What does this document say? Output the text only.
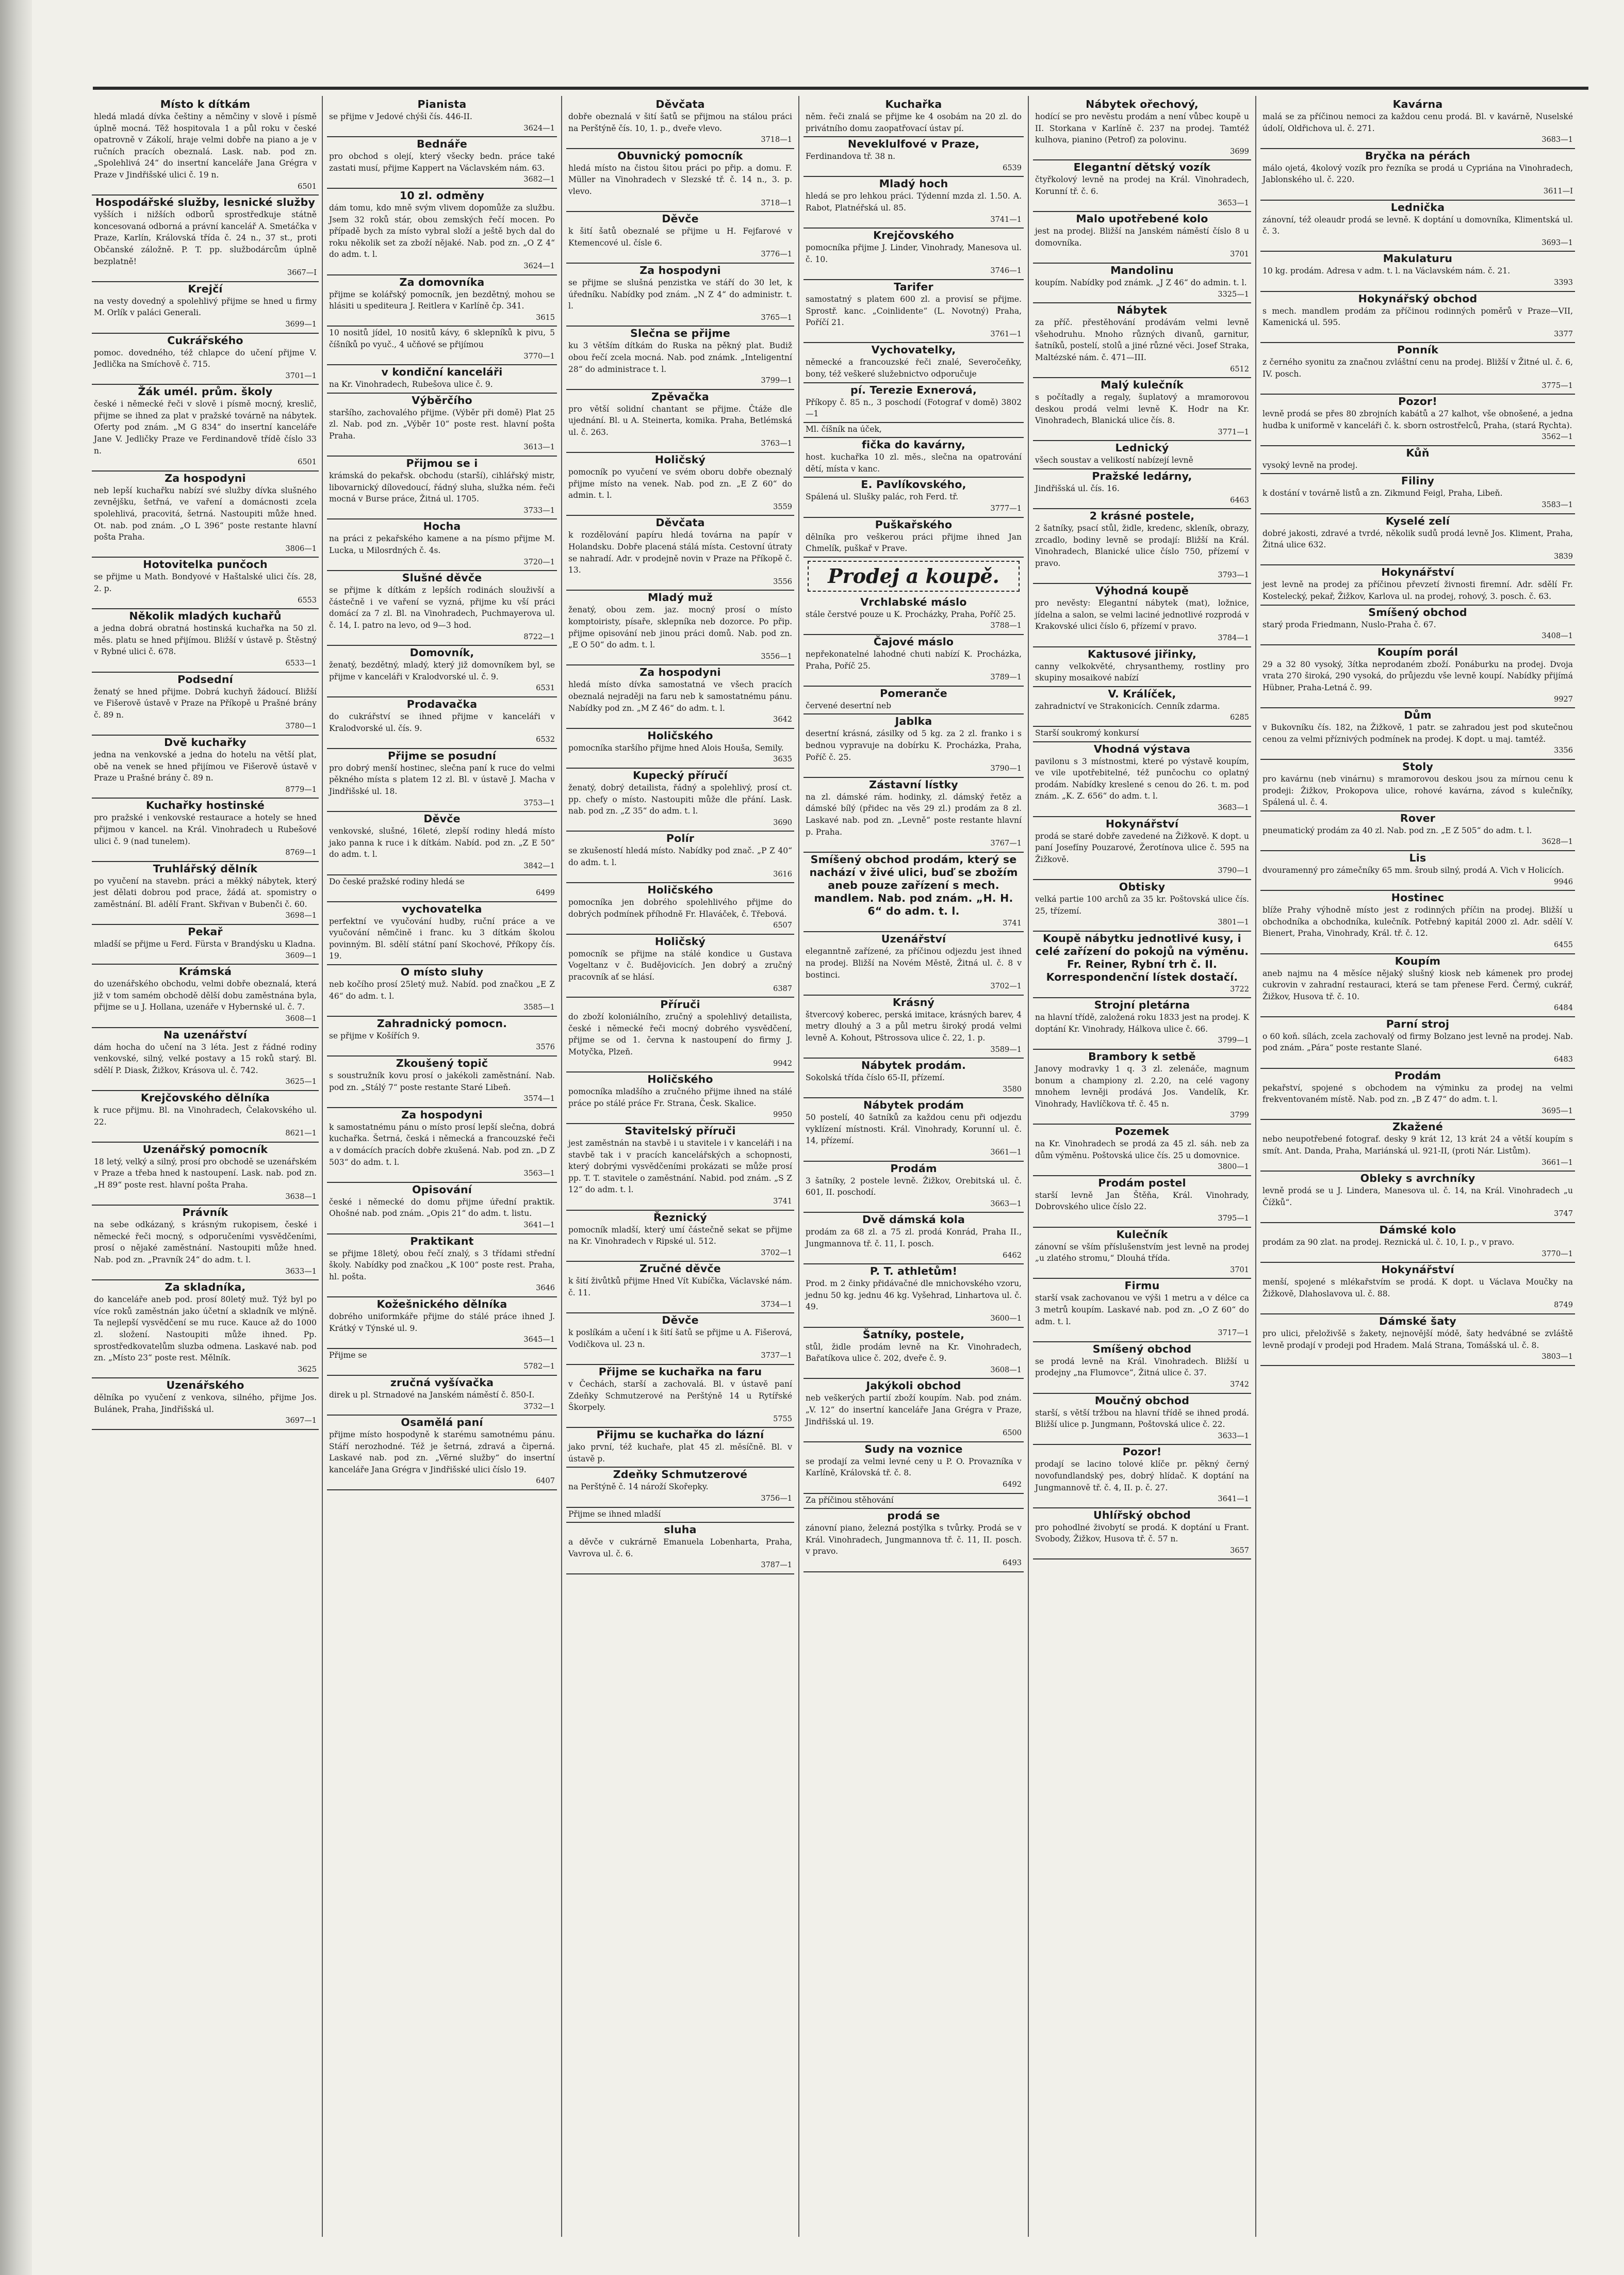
Místo k dítkám
hledá mladá dívka češtiny a němčiny v slově i písmě úplně mocná. Těž hospitovala 1 a půl roku v české opatrovně v Zákolí, hraje velmi dobře na piano a je v ručních pracích obeznalá. Lask. nab. pod zn. „Spolehlivá 24“ do insertní kanceláře Jana Grégra v Praze v Jindřišské ulici č. 19 n.
6501
Hospodářské služby, lesnické služby
vyšších i nižších odborů sprostředkuje státně koncesovaná odborná a právní kancelář A. Smetáčka v Praze, Karlín, Královská třída č. 24 n., 37 st., proti Občanské záložně. P. T. pp. službodárcům úplně bezplatně!
3667—I
Krejčí
na vesty dovedný a spolehlivý přijme se hned u firmy M. Orlík v paláci Generali.
3699—1
Cukrářského
pomoc. dovedného, též chlapce do učení přijme V. Jedlička na Smíchově č. 715.
3701—1
Žák umél. prům. školy
české i německé řeči v slově i písmě mocný, kreslič, přijme se ihned za plat v pražské továrně na nábytek. Oferty pod znám. „M G 834“ do insertní kanceláře Jane V. Jedličky Praze ve Ferdinandově třídě číslo 33 n.
6501
Za hospodyni
neb lepší kuchařku nabízí své služby dívka slušného zevnějšku, šetřná, ve vaření a domácnosti zcela spolehlivá, pracovitá, šetrná. Nastoupiti může hned. Ot. nab. pod znám. „O L 396“ poste restante hlavní pošta Praha.
3806—1
Hotovitelka punčoch
se přijme u Math. Bondyové v Haštalské ulici čís. 28, 2. p.
6553
Několik mladých kuchařů
a jedna dobrá obratná hostinská kuchařka na 50 zl. měs. platu se hned přijímou. Bližší v ústavě p. Štěstný v Rybné ulici č. 678.
6533—1
Podsední
ženatý se hned přijme. Dobrá kuchyň žádoucí. Bližší ve Fišerově ústavě v Praze na Příkopě u Prašné brány č. 89 n.
3780—1
Dvě kuchařky
jedna na venkovské a jedna do hotelu na větší plat, obě na venek se hned přijímou ve Fišerově ústavě v Praze u Prašné brány č. 89 n.
8779—1
Kuchařky hostinské
pro pražské i venkovské restaurace a hotely se hned přijmou v kancel. na Král. Vinohradech u Rubešové ulici č. 9 (nad tunelem).
8769—1
Truhlářský dělník
po vyučení na stavebn. práci a měkký nábytek, který jest dělati dobrou pod prace, žádá at. spomistry o zaměstnání. Bl. adělí Frant. Skřivan v Bubenči č. 60.
3698—1
Pekař
mladší se přijme u Ferd. Fürsta v Brandýsku u Kladna.
3609—1
Krámská
do uzenářského obchodu, velmi dobře obeznalá, která již v tom samém obchodě dělší dobu zaměstnána byla, přijme se u J. Hollana, uzenáře v Hybernské ul. č. 7.
3608—1
Na uzenářství
dám hocha do učení na 3 léta. Jest z řádné rodiny venkovské, silný, velké postavy a 15 roků starý. Bl. sdělí P. Diask, Žižkov, Krásova ul. č. 742.
3625—1
Krejčovského dělníka
k ruce přijmu. Bl. na Vinohradech, Čelakovského ul. 22.
8621—1
Uzenářský pomocník
18 letý, velký a silný, prosí pro obchodě se uzenářském v Praze a třeba hned k nastoupení. Lask. nab. pod zn. „H 89“ poste rest. hlavní pošta Praha.
3638—1
Právník
na sebe odkázaný, s krásným rukopisem, české i německé řeči mocný, s odporučeními vysvědčeními, prosí o nějaké zaměstnání. Nastoupiti může hned. Nab. pod zn. „Pravník 24“ do adm. t. l.
3633—1
Za skladníka,
do kanceláře aneb pod. prosí 80letý muž. Týž byl po více roků zaměstnán jako účetní a skladník ve mlýně. Ta nejlepší vysvědčení se mu ruce. Kauce až do 1000 zl. složení. Nastoupiti může ihned. Pp. sprostředkovatelům sluzba odmena. Laskavé nab. pod zn. „Místo 23“ poste rest. Mělník.
3625
Uzenářského
dělníka po vyučení z venkova, silného, přijme Jos. Bulánek, Praha, Jindřišská ul.
3697—1
Pianista
se přijme v Jedové chýši čís. 446-II.
3624—1
Bednáře
pro obchod s olejí, který všecky bedn. práce také zastati musí, přijme Kappert na Václavském nám. 63.
3682—1
10 zl. odměny
dám tomu, kdo mně svým vlivem dopomůže za službu. Jsem 32 roků stár, obou zemských řečí mocen. Po případě bych za místo vybral složí a ještě bych dal do roku několik set za zboží nějaké. Nab. pod zn. „O Z 4“ do adm. t. l.
3624—1
Za domovníka
přijme se kolářský pomocník, jen bezdětný, mohou se hlásiti u spediteura J. Reitlera v Karlíně čp. 341.
3615
10 nositů jídel, 10 nositů kávy, 6 sklepníků k pivu, 5 číšníků po vyuč., 4 učňové se přijímou
3770—1
v kondiční kanceláři
na Kr. Vinohradech, Rubešova ulice č. 9.
Výběrčího
staršího, zachovalého přijme. (Výběr při domě) Plat 25 zl. Nab. pod zn. „Výběr 10“ poste rest. hlavní pošta Praha.
3613—1
Přijmou se i
krámská do pekařsk. obchodu (starší), cihlářský mistr, libovarnický dílovedoucí, řádný sluha, služka ném. řeči mocná v Burse práce, Žitná ul. 1705.
3733—1
Hocha
na práci z pekařského kamene a na písmo přijme M. Lucka, u Milosrdných č. 4s.
3720—1
Slušné děvče
se přijme k dítkám z lepších rodinách slouživší a částečně i ve vaření se vyzná, přijme ku vší práci domácí za 7 zl. Bl. na Vinohradech, Puchmayerova ul. č. 14, I. patro na levo, od 9—3 hod.
8722—1
Domovník,
ženatý, bezdětný, mladý, který již domovníkem byl, se přijme v kanceláři v Kralodvorské ul. č. 9.
6531
Prodavačka
do cukrářství se ihned přijme v kanceláři v Kralodvorské ul. čís. 9.
6532
Přijme se posudní
pro dobrý menší hostinec, slečna paní k ruce do velmi pěkného místa s platem 12 zl. Bl. v ústavě J. Macha v Jindřišské ul. 18.
3753—1
Děvče
venkovské, slušné, 16leté, zlepší rodiny hledá místo jako panna k ruce i k dítkám. Nabíd. pod zn. „Z E 50“ do adm. t. l.
3842—1
Do české pražské rodiny hledá se
6499
vychovatelka
perfektní ve vyučování hudby, ruční práce a ve vyučování němčině i franc. ku 3 dítkám školou povinným. Bl. sdělí státní paní Skochové, Příkopy čís. 19.
O místo sluhy
neb kočího prosí 25letý muž. Nabíd. pod značkou „E Z 46“ do adm. t. l.
3585—1
Zahradnický pomocn.
se přijme v Košířích 9.
3576
Zkoušený topič
s soustružník kovu prosí o jakékoli zaměstnání. Nab. pod zn. „Stálý 7“ poste restante Staré Libeň.
3574—1
Za hospodyni
k samostatnému pánu o místo prosí lepší slečna, dobrá kuchařka. Šetrná, česká i německá a francouzské řeči a v domácích pracích dobře zkušená. Nab. pod zn. „D Z 503“ do adm. t. l.
3563—1
Opisování
české i německé do domu přijme úřední praktik. Ohošné nab. pod znám. „Opis 21“ do adm. t. listu.
3641—1
Praktikant
se přijme 18letý, obou řečí znalý, s 3 třídami střední školy. Nabídky pod značkou „K 100“ poste rest. Praha, hl. pošta.
3646
Kožešnického dělníka
dobrého uniformkáře přijme do stálé práce ihned J. Krátký v Týnské ul. 9.
3645—1
Přijme se
5782—1
zručná vyšívačka
direk u pl. Strnadové na Janském náměstí č. 850-I.
3732—1
Osamělá paní
přijme místo hospodyně k starému samotnému pánu. Stáří nerozhodné. Též je šetrná, zdravá a čiperná. Laskavé nab. pod zn. „Věrné služby“ do insertní kanceláře Jana Grégra v Jindřišské ulici číslo 19.
6407
Děvčata
dobře obeznalá v šití šatů se přijmou na stálou práci na Perštýně čís. 10, 1. p., dveře vlevo.
3718—1
Obuvnický pomocník
hledá místo na čistou šitou práci po přip. a domu. F. Müller na Vinohradech v Slezské tř. č. 14 n., 3. p. vlevo.
3718—1
Děvče
k šití šatů obeznalé se přijme u H. Fejfarové v Ktemencové ul. čísle 6.
3776—1
Za hospodyni
se přijme se slušná penzistka ve stáří do 30 let, k úředníku. Nabídky pod znám. „N Z 4“ do administr. t. l.
3765—1
Slečna se přijme
ku 3 větším dítkám do Ruska na pěkný plat. Budiž obou řečí zcela mocná. Nab. pod známk. „Inteligentní 28“ do administrace t. l.
3799—1
Zpěvačka
pro větší solidní chantant se přijme. Čtáže dle ujednání. Bl. u A. Steinerta, komika. Praha, Betlémská ul. č. 263.
3763—1
Holičský
pomocník po vyučení ve svém oboru dobře obeznalý přijme místo na venek. Nab. pod zn. „E Z 60“ do admin. t. l.
3559
Děvčata
k rozdělování papíru hledá továrna na papír v Holandsku. Dobře placená stálá místa. Cestovní útraty se nahradí. Adr. v prodejně novin v Praze na Příkopě č. 13.
3556
Mladý muž
ženatý, obou zem. jaz. mocný prosí o místo komptoiristy, písaře, sklepníka neb dozorce. Po přip. přijme opisování neb jinou práci domů. Nab. pod zn. „E O 50“ do adm. t. l.
3556—1
Za hospodyni
hledá místo dívka samostatná ve všech pracích obeznalá nejraději na faru neb k samostatnému pánu. Nabídky pod zn. „M Z 46“ do adm. t. l.
3642
Holičského
pomocníka staršího přijme hned Alois Houša, Semily.
3635
Kupecký příručí
ženatý, dobrý detailista, řádný a spolehlivý, prosí ct. pp. chefy o místo. Nastoupiti může dle přání. Lask. nab. pod zn. „Z 35“ do adm. t. l.
3690
Polír
se zkušeností hledá místo. Nabídky pod znač. „P Z 40“ do adm. t. l.
3616
Holičského
pomocníka jen dobrého spolehlivého přijme do dobrých podmínek příhodně Fr. Hlaváček, č. Třebová.
6507
Holičský
pomocník se přijme na stálé kondice u Gustava Vogeltanz v č. Budějovicích. Jen dobrý a zručný pracovník ať se hlásí.
6387
Příruči
do zboží koloniálního, zručný a spolehlivý detailista, české i německé řeči mocný dobrého vysvědčení, přijme se od 1. června k nastoupení do firmy J. Motyčka, Plzeň.
9942
Holičského
pomocníka mladšího a zručného přijme ihned na stálé práce po stálé práce Fr. Strana, Česk. Skalice.
9950
Stavitelský příruči
jest zaměstnán na stavbě i u stavitele i v kanceláři i na stavbě tak i v pracích kancelářských a schopnosti, který dobrými vysvědčeními prokázati se může prosí pp. T. T. stavitele o zaměstnání. Nabid. pod znám. „S Z 12“ do adm. t. l.
3741
Řeznický
pomocník mladší, který umí částečně sekat se přijme na Kr. Vinohradech v Ripské ul. 512.
3702—1
Zručné děvče
k šití živůtků přijme Hned Vít Kubíčka, Václavské nám. č. 11.
3734—1
Děvče
k poslíkám a učení i k šití šatů se přijme u A. Fišerová, Vodičkova ul. 23 n.
3737—1
Přijme se kuchařka na faru
v Čechách, starší a zachovalá. Bl. v ústavě paní Zdeňky Schmutzerové na Perštýně 14 u Rytířské Škorpely.
5755
Přijmu se kuchařka do lázní
jako první, též kuchaře, plat 45 zl. měsíčně. Bl. v ústavě p.
Zdeňky Schmutzerové
na Perštýně č. 14 nároží Skořepky.
3756—1
Přijme se ihned mladší
sluha
a děvče v cukrárně Emanuela Lobenharta, Praha, Vavrova ul. č. 6.
3787—1
Kuchařka
něm. řeči znalá se přijme ke 4 osobám na 20 zl. do privátního domu zaopatřovací ústav pí.
Neveklulfové v Praze,
Ferdinandova tř. 38 n.
6539
Mladý hoch
hledá se pro lehkou práci. Týdenní mzda zl. 1.50. A. Rabot, Platnéřská ul. 85.
3741—1
Krejčovského
pomocníka přijme J. Linder, Vinohrady, Manesova ul. č. 10.
3746—1
Tarifer
samostatný s platem 600 zl. a provisí se přijme. Sprostř. kanc. „Coinlidente“ (L. Novotný) Praha, Poříčí 21.
3761—1
Vychovatelky,
německé a francouzské řeči znalé, Severočeňky, bony, též veškeré služebnictvo odporučuje
pí. Terezie Exnerová,
Příkopy č. 85 n., 3 poschodí (Fotograf v domě) 3802—1
Ml. číšník na úček,
fička do kavárny,
host. kuchařka 10 zl. měs., slečna na opatrování dětí, místa v kanc.
E. Pavlíkovského,
Spálená ul. Slušky palác, roh Ferd. tř.
3777—1
Puškařského
dělníka pro veškerou práci přijme ihned Jan Chmelík, puškař v Prave.
Prodej a koupě.
Vrchlabské máslo
stále čerstvé pouze u K. Procházky, Praha, Poříč 25.
3788—1
Čajové máslo
nepřekonatelné lahodné chuti nabízí K. Procházka, Praha, Poříč 25.
3789—1
Pomeranče
červené desertní neb
Jablka
desertní krásná, zásilky od 5 kg. za 2 zl. franko i s bednou vypravuje na dobírku K. Procházka, Praha, Poříč č. 25.
3790—1
Zástavní lístky
na zl. dámské rám. hodinky, zl. dámský řetěz a dámské bílý (přidec na věs 29 zl.) prodám za 8 zl. Laskavé nab. pod zn. „Levně“ poste restante hlavní p. Praha.
3767—1
Smíšený obchod prodám, který se nachází v živé ulici, buď se zbožím aneb pouze zařízení s mech. mandlem. Nab. pod znám. „H. H. 6“ do adm. t. l.
3741
Uzenářství
eleganntně zařízené, za příčinou odjezdu jest ihned na prodej. Bližší na Novém Městě, Žitná ul. č. 8 v bostinci.
3702—1
Krásný
štvercový koberec, perská imitace, krásných barev, 4 metry dlouhý a 3 a půl metru široký prodá velmi levně A. Kohout, Pštrossova ulice č. 22, 1. p.
3589—1
Nábytek prodám.
Sokolská třída číslo 65-II, přízemí.
3580
Nábytek prodám
50 postelí, 40 šatníků za každou cenu při odjezdu vyklízení místnosti. Král. Vinohrady, Korunní ul. č. 14, přízemí.
3661—1
Prodám
3 šatníky, 2 postele levně. Žižkov, Orebitská ul. č. 601, II. poschodí.
3663—1
Dvě dámská kola
prodám za 68 zl. a 75 zl. prodá Konrád, Praha II., Jungmannova tř. č. 11, I. posch.
6462
P. T. athletům!
Prod. m 2 činky přidávačné dle mnichovského vzoru, jednu 50 kg. jednu 46 kg. Vyšehrad, Linhartova ul. č. 49.
3600—1
Šatníky, postele,
stůl, židle prodám levně na Kr. Vinohradech, Bařatíkova ulice č. 202, dveře č. 9.
3608—1
Jakýkoli obchod
neb veškerých partií zboží koupím. Nab. pod znám. „V. 12“ do insertní kanceláře Jana Grégra v Praze, Jindřišská ul. 19.
6500
Sudy na voznice
se prodají za velmi levné ceny u P. O. Provazníka v Karlíně, Královská tř. č. 8.
6492
Za příčinou stěhování
prodá se
zánovní piano, železná postýlka s tvůrky. Prodá se v Král. Vinohradech, Jungmannova tř. č. 11, II. posch. v pravo.
6493
Nábytek ořechový,
hodící se pro nevěstu prodám a není vůbec koupě u II. Storkana v Karlíně č. 237 na prodej. Tamtéž kulhova, pianino (Petrof) za polovinu.
3699
Elegantní dětský vozík
čtyřkolový levně na prodej na Král. Vinohradech, Korunní tř. č. 6.
3653—1
Malo upotřebené kolo
jest na prodej. Bližší na Janském náměstí číslo 8 u domovníka.
3701
Mandolinu
koupím. Nabídky pod známk. „J Z 46“ do admin. t. l.
3325—1
Nábytek
za příč. přestěhování prodávám velmi levně všehodruhu. Mnoho různých divanů, garnitur, šatníků, postelí, stolů a jiné různé věci. Josef Straka, Maltézské nám. č. 471—III.
6512
Malý kulečník
s počítadly a regaly, šuplatový a mramorovou deskou prodá velmi levně K. Hodr na Kr. Vinohradech, Blanická ulice čís. 8.
3771—1
Lednický
všech soustav a velikostí nabízejí levně
Pražské ledárny,
Jindřišská ul. čís. 16.
6463
2 krásné postele,
2 šatníky, psací stůl, židle, kredenc, skleník, obrazy, zrcadlo, bodiny levně se prodají: Bližší na Král. Vinohradech, Blanické ulice číslo 750, přízemí v pravo.
3793—1
Výhodná koupě
pro nevěsty: Elegantní nábytek (mat), ložnice, jídelna a salon, se velmi laciné jednotlivé rozprodá v Krakovské ulici číslo 6, přízemí v pravo.
3784—1
Kaktusové jiřinky,
canny velkokvěté, chrysanthemy, rostliny pro skupiny mosaikové nabízí
V. Králíček,
zahradnictví ve Strakonicích. Cenník zdarma.
6285
Starší soukromý konkursí
Vhodná výstava
pavilonu s 3 místnostmi, které po výstavě koupím, ve vile upotřebitelné, též punčochu co oplatný prodám. Nabídky kreslené s cenou do 26. t. m. pod znám. „K. Z. 656“ do adm. t. l.
3683—1
Hokynářství
prodá se staré dobře zavedené na Žižkově. K dopt. u paní Josefíny Pouzarové, Žerotínova ulice č. 595 na Žižkově.
3790—1
Obtisky
velká partie 100 archů za 35 kr. Poštovská ulice čís. 25, třízemí.
3801—1
Koupě nábytku jednotlivé kusy, i celé zařízení do pokojů na výměnu. Fr. Reiner, Rybní trh č. II. Korrespondenční lístek dostačí.
3722
Strojní pletárna
na hlavní třídě, založená roku 1833 jest na prodej. K doptání Kr. Vinohrady, Hálkova ulice č. 66.
3799—1
Brambory k setbě
Janovy modravky 1 q. 3 zl. zelenáče, magnum bonum a championy zl. 2.20, na celé vagony mnohem levněji prodává Jos. Vandelík, Kr. Vinohrady, Havlíčkova tř. č. 45 n.
3799
Pozemek
na Kr. Vinohradech se prodá za 45 zl. sáh. neb za dům výměnu. Poštovská ulice čís. 25 u domovnice.
3800—1
Prodám postel
starší levně Jan Štěňa, Král. Vinohrady, Dobrovského ulice číslo 22.
3795—1
Kulečník
zánovní se vším příslušenstvím jest levně na prodej „u zlatého stromu,“ Dlouhá třída.
3701
Firmu
starší vsak zachovanou ve výši 1 metru a v délce ca 3 metrů koupím. Laskavé nab. pod zn. „O Z 60“ do adm. t. l.
3717—1
Smíšený obchod
se prodá levně na Král. Vinohradech. Bližší u prodejny „na Flumovce“, Žitná ulice č. 37.
3742
Moučný obchod
starší, s větší tržbou na hlavní třídě se ihned prodá. Bližší ulice p. Jungmann, Poštovská ulice č. 22.
3633—1
Pozor!
prodají se lacino tolové klíče pr. pěkný černý novofundlandský pes, dobrý hlídač. K doptání na Jungmannově tř. č. 4, II. p. č. 27.
3641—1
Uhlířský obchod
pro pohodlné živobytí se prodá. K doptání u Frant. Svobody, Žižkov, Husova tř. č. 57 n.
3657
Kavárna
malá se za příčinou nemoci za každou cenu prodá. Bl. v kavárně, Nuselské údolí, Oldřichova ul. č. 271.
3683—1
Bryčka na pérách
málo ojetá, 4kolový vozík pro řezníka se prodá u Cypriána na Vinohradech, Jablonského ul. č. 220.
3611—I
Lednička
zánovní, též oleaudr prodá se levně. K doptání u domovníka, Klimentská ul. č. 3.
3693—1
Makulaturu
10 kg. prodám. Adresa v adm. t. l. na Václavském nám. č. 21.
3393
Hokynářský obchod
s mech. mandlem prodám za příčinou rodinných poměrů v Praze—VII, Kamenická ul. 595.
3377
Ponník
z černého syonitu za značnou zvláštní cenu na prodej. Bližší v Žitné ul. č. 6, IV. posch.
3775—1
Pozor!
levně prodá se přes 80 zbrojních kabátů a 27 kalhot, vše obnošené, a jedna hudba k uniformě v kanceláři č. k. sborn ostrostřelců, Praha, (stará Rychta).
3562—1
Kůň
vysoký levně na prodej.
Filiny
k dostání v továrně listů a zn. Zikmund Feigl, Praha, Libeň.
3583—1
Kyselé zelí
dobré jakosti, zdravé a tvrdé, několik sudů prodá levně Jos. Kliment, Praha, Žitná ulice 632.
3839
Hokynářství
jest levně na prodej za příčinou převzetí živnosti firemní. Adr. sdělí Fr. Kostelecký, pekař, Žižkov, Karlova ul. na prodej, rohový, 3. posch. č. 63.
Smíšený obchod
starý proda Friedmann, Nuslo-Praha č. 67.
3408—1
Koupím porál
29 a 32 80 vysoký, 3ítka neprodaném zboží. Ponáburku na prodej. Dvoja vrata 270 široká, 290 vysoká, do průjezdu vše levně koupí. Nabídky přijímá Hübner, Praha-Letná č. 99.
9927
Dům
v Bukovníku čís. 182, na Žižkově, 1 patr. se zahradou jest pod skutečnou cenou za velmi příznivých podmínek na prodej. K dopt. u maj. tamtéž.
3356
Stoly
pro kavárnu (neb vinárnu) s mramorovou deskou jsou za mírnou cenu k prodeji: Žižkov, Prokopova ulice, rohové kavárna, závod s kulečníky, Spálená ul. č. 4.
Rover
pneumatický prodám za 40 zl. Nab. pod zn. „E Z 505“ do adm. t. l.
3628—1
Lis
dvouramenný pro zámečníky 65 mm. šroub silný, prodá A. Vich v Holicích.
9946
Hostinec
blíže Prahy výhodně místo jest z rodinných příčin na prodej. Bližší u obchodníka a obchodníka, kulečník. Potřebný kapitál 2000 zl. Adr. sdělí V. Bienert, Praha, Vinohrady, Král. tř. č. 12.
6455
Koupím
aneb najmu na 4 měsíce nějaký slušný kiosk neb kámenek pro prodej cukrovin v zahradní restauraci, která se tam přenese Ferd. Čermý, cukrář, Žižkov, Husova tř. č. 10.
6484
Parní stroj
o 60 koň. sílách, zcela zachovalý od firmy Bolzano jest levně na prodej. Nab. pod znám. „Pára“ poste restante Slané.
6483
Prodám
pekařství, spojené s obchodem na výminku za prodej na velmi frekventovaném místě. Nab. pod zn. „B Z 47“ do adm. t. l.
3695—1
Zkažené
nebo neupotřebené fotograf. desky 9 krát 12, 13 krát 24 a větší koupím s smít. Ant. Danda, Praha, Mariánská ul. 921-II, (proti Nár. Listům).
3661—1
Obleky s avrchníky
levně prodá se u J. Lindera, Manesova ul. č. 14, na Král. Vinohradech „u Čížků“.
3747
Dámské kolo
prodám za 90 zlat. na prodej. Reznická ul. č. 10, I. p., v pravo.
3770—1
Hokynářství
menší, spojené s mlékařstvím se prodá. K dopt. u Václava Moučky na Žižkově, Dlahoslavova ul. č. 88.
8749
Dámské šaty
pro ulici, přeloživšě s žakety, nejnovější módě, šaty hedvábné se zvláště levně prodají v prodeji pod Hradem. Malá Strana, Tomášská ul. č. 8.
3803—1
